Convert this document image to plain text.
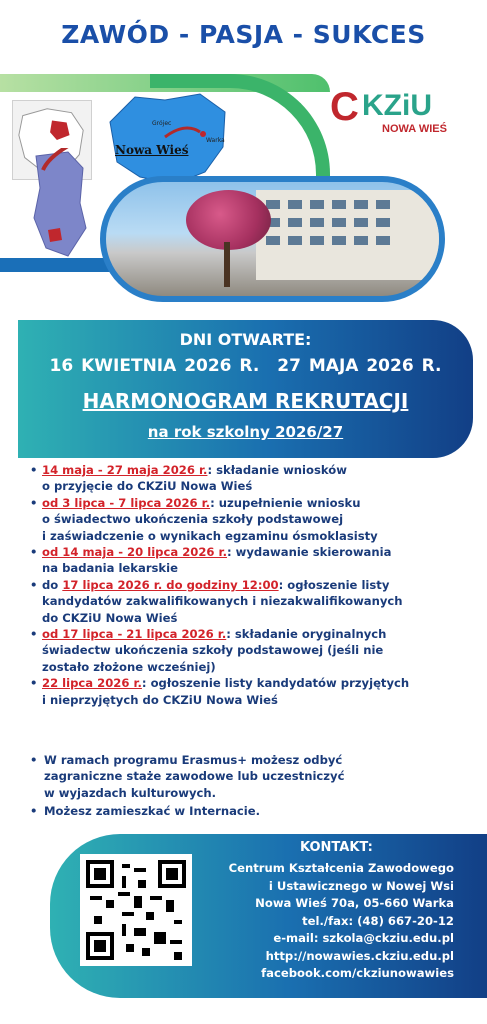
ZAWÓD - PASJA - SUKCES
Nowa Wieś
Grójec
Warka
C KZiU
NOWA WIEŚ
DNI OTWARTE:
16 KWIETNIA 2026 R. 27 MAJA 2026 R.
HARMONOGRAM REKRUTACJI
na rok szkolny 2026/27
• 14 maja - 27 maja 2026 r.: składanie wniosków
o przyjęcie do CKZiU Nowa Wieś
• od 3 lipca - 7 lipca 2026 r.: uzupełnienie wniosku
o świadectwo ukończenia szkoły podstawowej
i zaświadczenie o wynikach egzaminu ósmoklasisty
• od 14 maja - 20 lipca 2026 r.: wydawanie skierowania
na badania lekarskie
• do 17 lipca 2026 r. do godziny 12:00: ogłoszenie listy
kandydatów zakwalifikowanych i niezakwalifikowanych
do CKZiU Nowa Wieś
• od 17 lipca - 21 lipca 2026 r.: składanie oryginalnych
świadectw ukończenia szkoły podstawowej (jeśli nie
zostało złożone wcześniej)
• 22 lipca 2026 r.: ogłoszenie listy kandydatów przyjętych
i nieprzyjętych do CKZiU Nowa Wieś
• W ramach programu Erasmus+ możesz odbyć
zagraniczne staże zawodowe lub uczestniczyć
w wyjazdach kulturowych.
• Możesz zamieszkać w Internacie.
KONTAKT:
Centrum Kształcenia Zawodowego
i Ustawicznego w Nowej Wsi
Nowa Wieś 70a, 05-660 Warka
tel./fax: (48) 667-20-12
e-mail: szkola@ckziu.edu.pl
http://nowawies.ckziu.edu.pl
facebook.com/ckziunowawies
